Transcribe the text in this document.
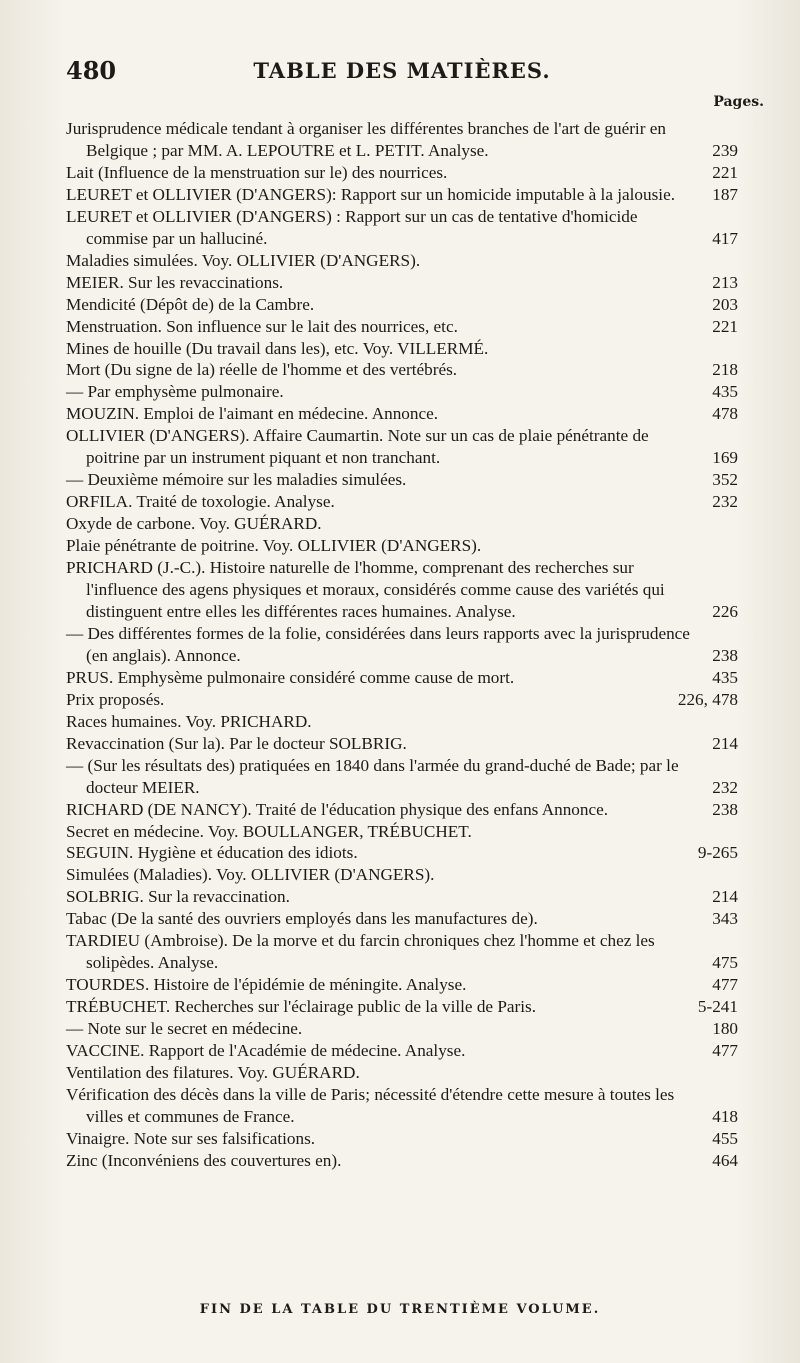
480	TABLE DES MATIÈRES.
Pages.
Jurisprudence médicale tendant à organiser les différentes branches de l'art de guérir en Belgique ; par MM. A. LEPOUTRE et L. PETIT. Analyse.	239
Lait (Influence de la menstruation sur le) des nourrices.	221
LEURET et OLLIVIER (D'ANGERS): Rapport sur un homicide imputable à la jalousie. 187
LEURET et OLLIVIER (D'ANGERS) : Rapport sur un cas de tentative d'homicide commise par un halluciné.	417
Maladies simulées. Voy. OLLIVIER (D'ANGERS).
MEIER. Sur les revaccinations.	213
Mendicité (Dépôt de) de la Cambre.	203
Menstruation. Son influence sur le lait des nourrices, etc.	221
Mines de houille (Du travail dans les), etc. Voy. VILLERMÉ.
Mort (Du signe de la) réelle de l'homme et des vertébrés.	218
— Par emphysème pulmonaire.	435
MOUZIN. Emploi de l'aimant en médecine. Annonce.	478
OLLIVIER (D'ANGERS). Affaire Caumartin. Note sur un cas de plaie pénétrante de poitrine par un instrument piquant et non tranchant.	169
— Deuxième mémoire sur les maladies simulées.	352
ORFILA. Traité de toxologie. Analyse.	232
Oxyde de carbone. Voy. GUÉRARD.
Plaie pénétrante de poitrine. Voy. OLLIVIER (D'ANGERS).
PRICHARD (J.-C.). Histoire naturelle de l'homme, comprenant des recherches sur l'influence des agens physiques et moraux, considérés comme cause des variétés qui distinguent entre elles les différentes races humaines. Analyse.	226
— Des différentes formes de la folie, considérées dans leurs rapports avec la jurisprudence (en anglais). Annonce.	238
PRUS. Emphysème pulmonaire considéré comme cause de mort.	435
Prix proposés.	226, 478
Races humaines. Voy. PRICHARD.
Revaccination (Sur la). Par le docteur SOLBRIG.	214
— (Sur les résultats des) pratiquées en 1840 dans l'armée du grand-duché de Bade; par le docteur MEIER.	232
RICHARD (DE NANCY). Traité de l'éducation physique des enfans Annonce.	238
Secret en médecine. Voy. BOULLANGER, TRÉBUCHET.
SEGUIN. Hygiène et éducation des idiots.	9-265
Simulées (Maladies). Voy. OLLIVIER (D'ANGERS).
SOLBRIG. Sur la revaccination.	214
Tabac (De la santé des ouvriers employés dans les manufactures de).	343
TARDIEU (Ambroise). De la morve et du farcin chroniques chez l'homme et chez les solipèdes. Analyse.	475
TOURDES. Histoire de l'épidémie de méningite. Analyse.	477
TRÉBUCHET. Recherches sur l'éclairage public de la ville de Paris.	5-241
— Note sur le secret en médecine.	180
VACCINE. Rapport de l'Académie de médecine. Analyse.	477
Ventilation des filatures. Voy. GUÉRARD.
Vérification des décès dans la ville de Paris; nécessité d'étendre cette mesure à toutes les villes et communes de France.	418
Vinaigre. Note sur ses falsifications.	455
Zinc (Inconvéniens des couvertures en).	464
FIN DE LA TABLE DU TRENTIÈME VOLUME.
